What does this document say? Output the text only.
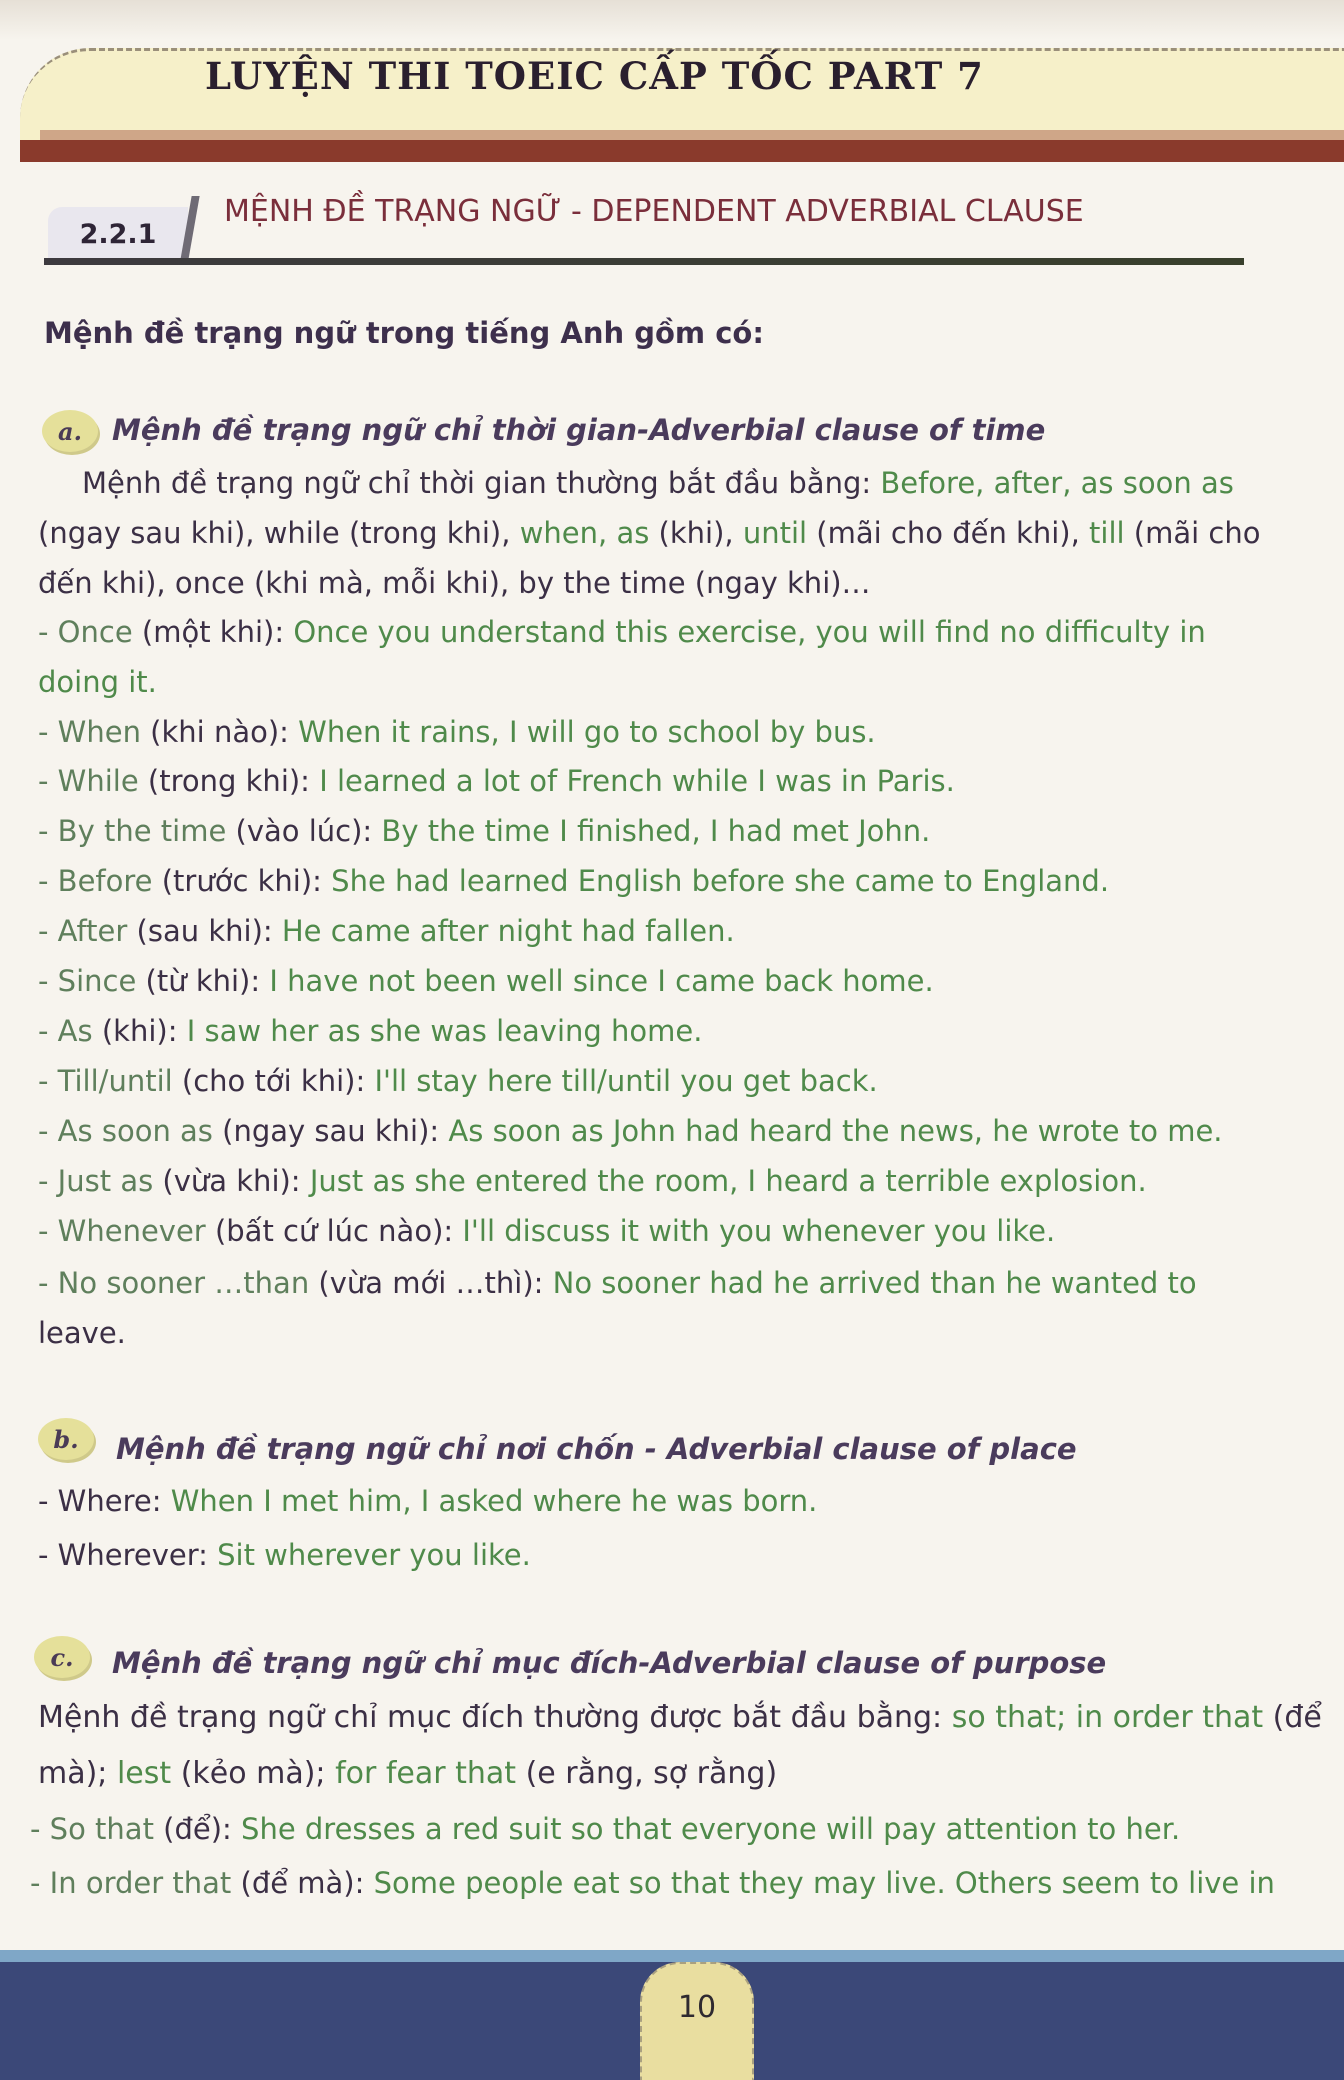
LUYỆN THI TOEIC CẤP TỐC PART 7
2.2.1
MỆNH ĐỀ TRẠNG NGỮ - DEPENDENT ADVERBIAL CLAUSE
Mệnh đề trạng ngữ trong tiếng Anh gồm có:
a.	Mệnh đề trạng ngữ chỉ thời gian-Adverbial clause of time
Mệnh đề trạng ngữ chỉ thời gian thường bắt đầu bằng: Before, after, as soon as
(ngay sau khi), while (trong khi), when, as (khi), until (mãi cho đến khi), till (mãi cho
đến khi), once (khi mà, mỗi khi), by the time (ngay khi)…
- Once (một khi): Once you understand this exercise, you will find no difficulty in
doing it.
- When (khi nào): When it rains, I will go to school by bus.
- While (trong khi): I learned a lot of French while I was in Paris.
- By the time (vào lúc): By the time I finished, I had met John.
- Before (trước khi): She had learned English before she came to England.
- After (sau khi): He came after night had fallen.
- Since (từ khi): I have not been well since I came back home.
- As (khi): I saw her as she was leaving home.
- Till/until (cho tới khi): I'll stay here till/until you get back.
- As soon as (ngay sau khi): As soon as John had heard the news, he wrote to me.
- Just as (vừa khi): Just as she entered the room, I heard a terrible explosion.
- Whenever (bất cứ lúc nào): I'll discuss it with you whenever you like.
- No sooner …than (vừa mới …thì): No sooner had he arrived than he wanted to
leave.
b.	Mệnh đề trạng ngữ chỉ nơi chốn - Adverbial clause of place
- Where: When I met him, I asked where he was born.
- Wherever: Sit wherever you like.
c.	Mệnh đề trạng ngữ chỉ mục đích-Adverbial clause of purpose
Mệnh đề trạng ngữ chỉ mục đích thường được bắt đầu bằng: so that; in order that (để
mà); lest (kẻo mà); for fear that (e rằng, sợ rằng)
- So that (để): She dresses a red suit so that everyone will pay attention to her.
- In order that (để mà): Some people eat so that they may live. Others seem to live in
10
